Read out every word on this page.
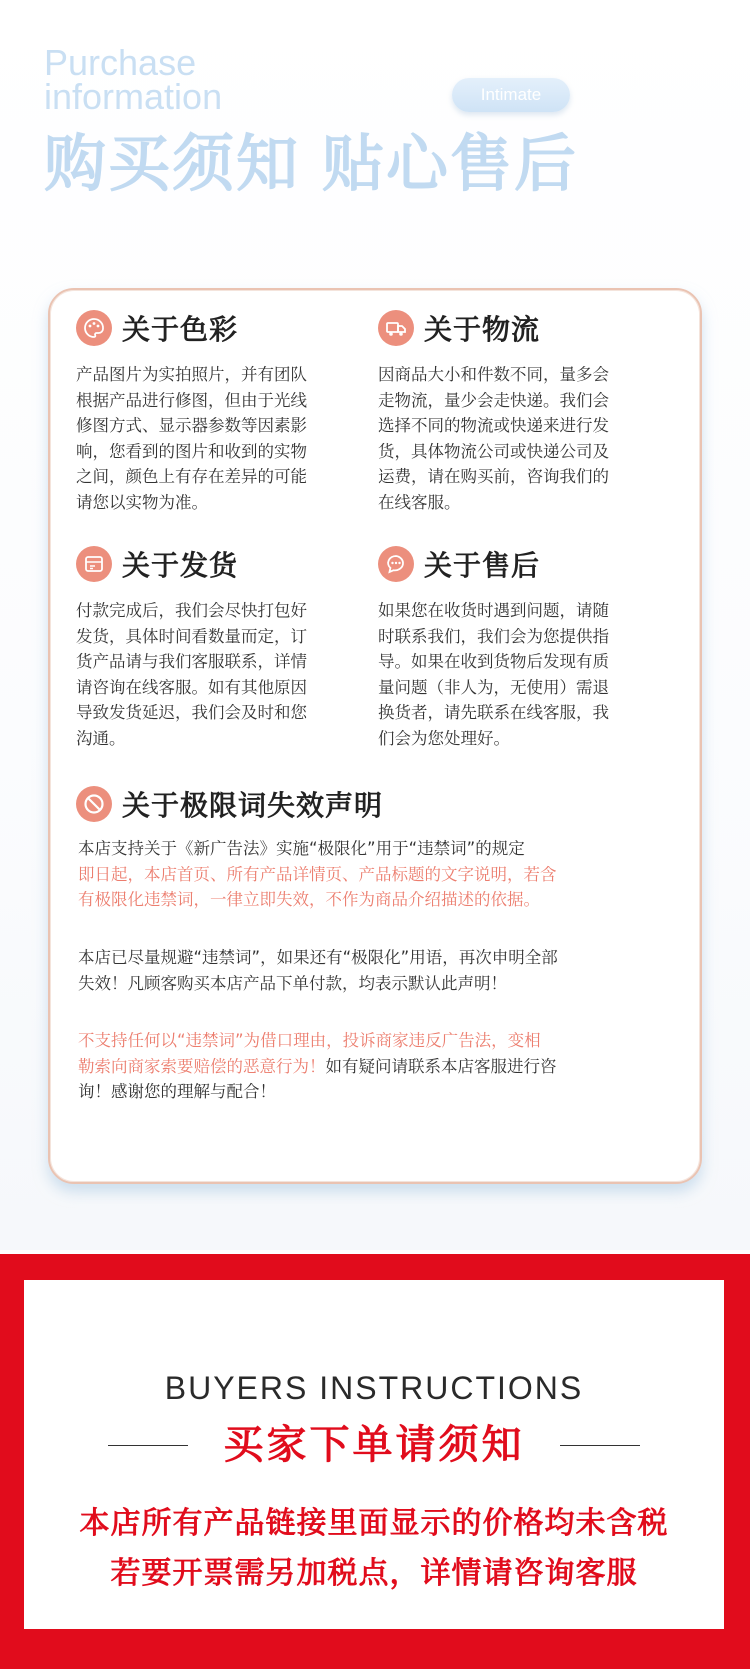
Purchase
information	Intimate
购买须知 贴心售后
关于色彩
产品图片为实拍照片，并有团队
根据产品进行修图，但由于光线
修图方式、显示器参数等因素影
响，您看到的图片和收到的实物
之间，颜色上有存在差异的可能
请您以实物为准。
关于物流
因商品大小和件数不同，量多会
走物流，量少会走快递。我们会
选择不同的物流或快递来进行发
货，具体物流公司或快递公司及
运费，请在购买前，咨询我们的
在线客服。
关于发货
付款完成后，我们会尽快打包好
发货，具体时间看数量而定，订
货产品请与我们客服联系，详情
请咨询在线客服。如有其他原因
导致发货延迟，我们会及时和您
沟通。
关于售后
如果您在收货时遇到问题，请随
时联系我们，我们会为您提供指
导。如果在收到货物后发现有质
量问题（非人为，无使用）需退
换货者，请先联系在线客服，我
们会为您处理好。
关于极限词失效声明
本店支持关于《新广告法》实施“极限化”用于“违禁词”的规定
即日起，本店首页、所有产品详情页、产品标题的文字说明，若含
有极限化违禁词，一律立即失效，不作为商品介绍描述的依据。
本店已尽量规避“违禁词”，如果还有“极限化”用语，再次申明全部
失效！凡顾客购买本店产品下单付款，均表示默认此声明！
不支持任何以“违禁词”为借口理由，投诉商家违反广告法，变相
勒索向商家索要赔偿的恶意行为！如有疑问请联系本店客服进行咨
询！感谢您的理解与配合！
BUYERS INSTRUCTIONS
买家下单请须知
本店所有产品链接里面显示的价格均未含税
若要开票需另加税点，详情请咨询客服
